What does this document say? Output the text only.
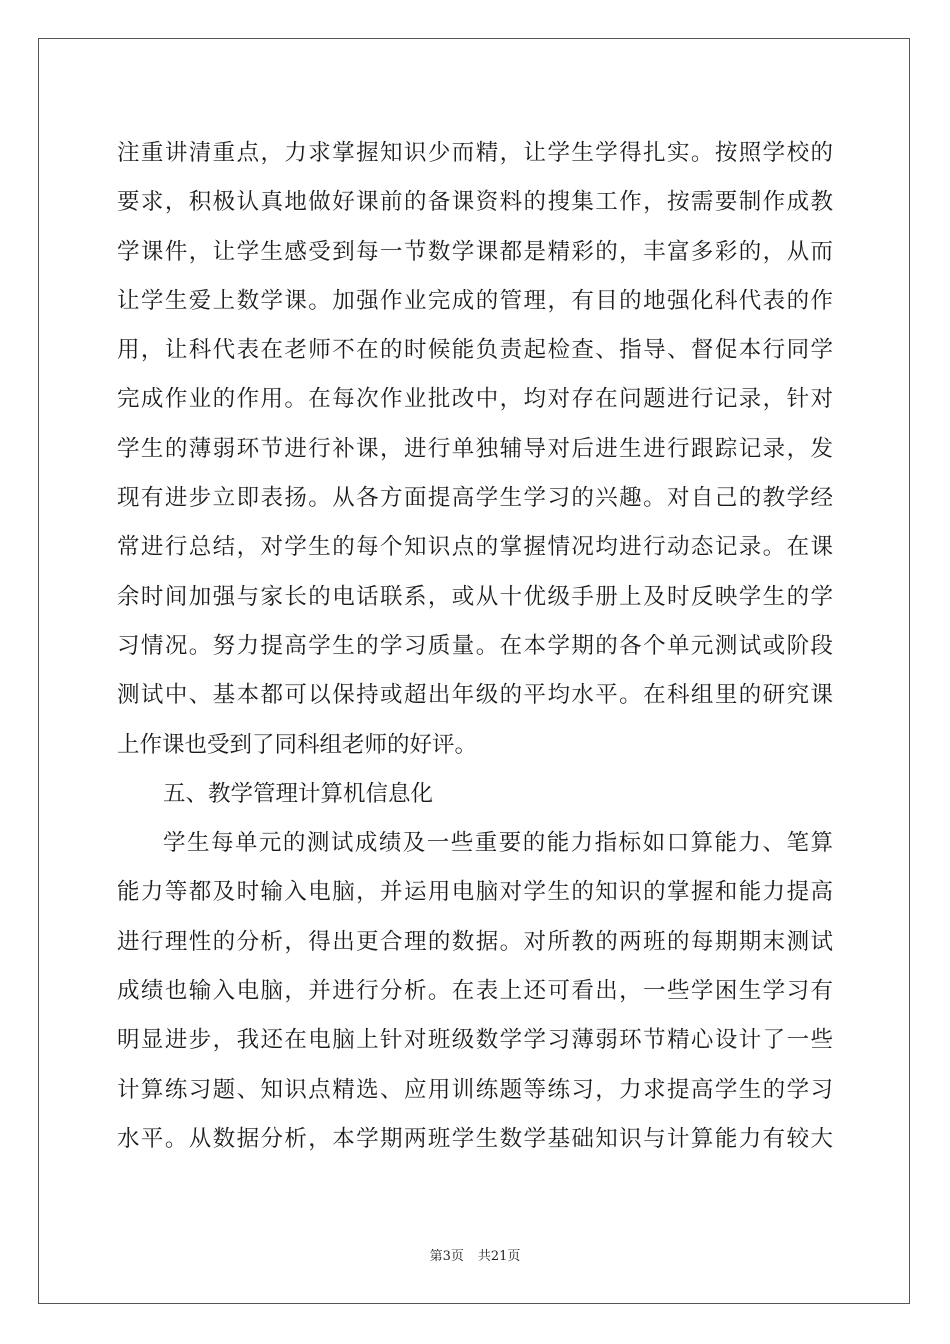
注重讲清重点，力求掌握知识少而精，让学生学得扎实。按照学校的
要求，积极认真地做好课前的备课资料的搜集工作，按需要制作成教
学课件，让学生感受到每一节数学课都是精彩的，丰富多彩的，从而
让学生爱上数学课。加强作业完成的管理，有目的地强化科代表的作
用，让科代表在老师不在的时候能负责起检查、指导、督促本行同学
完成作业的作用。在每次作业批改中，均对存在问题进行记录，针对
学生的薄弱环节进行补课，进行单独辅导对后进生进行跟踪记录，发
现有进步立即表扬。从各方面提高学生学习的兴趣。对自己的教学经
常进行总结，对学生的每个知识点的掌握情况均进行动态记录。在课
余时间加强与家长的电话联系，或从十优级手册上及时反映学生的学
习情况。努力提高学生的学习质量。在本学期的各个单元测试或阶段
测试中、基本都可以保持或超出年级的平均水平。在科组里的研究课
上作课也受到了同科组老师的好评。
五、教学管理计算机信息化
学生每单元的测试成绩及一些重要的能力指标如口算能力、笔算
能力等都及时输入电脑，并运用电脑对学生的知识的掌握和能力提高
进行理性的分析，得出更合理的数据。对所教的两班的每期期末测试
成绩也输入电脑，并进行分析。在表上还可看出，一些学困生学习有
明显进步，我还在电脑上针对班级数学学习薄弱环节精心设计了一些
计算练习题、知识点精选、应用训练题等练习，力求提高学生的学习
水平。从数据分析，本学期两班学生数学基础知识与计算能力有较大
第3页 共21页
